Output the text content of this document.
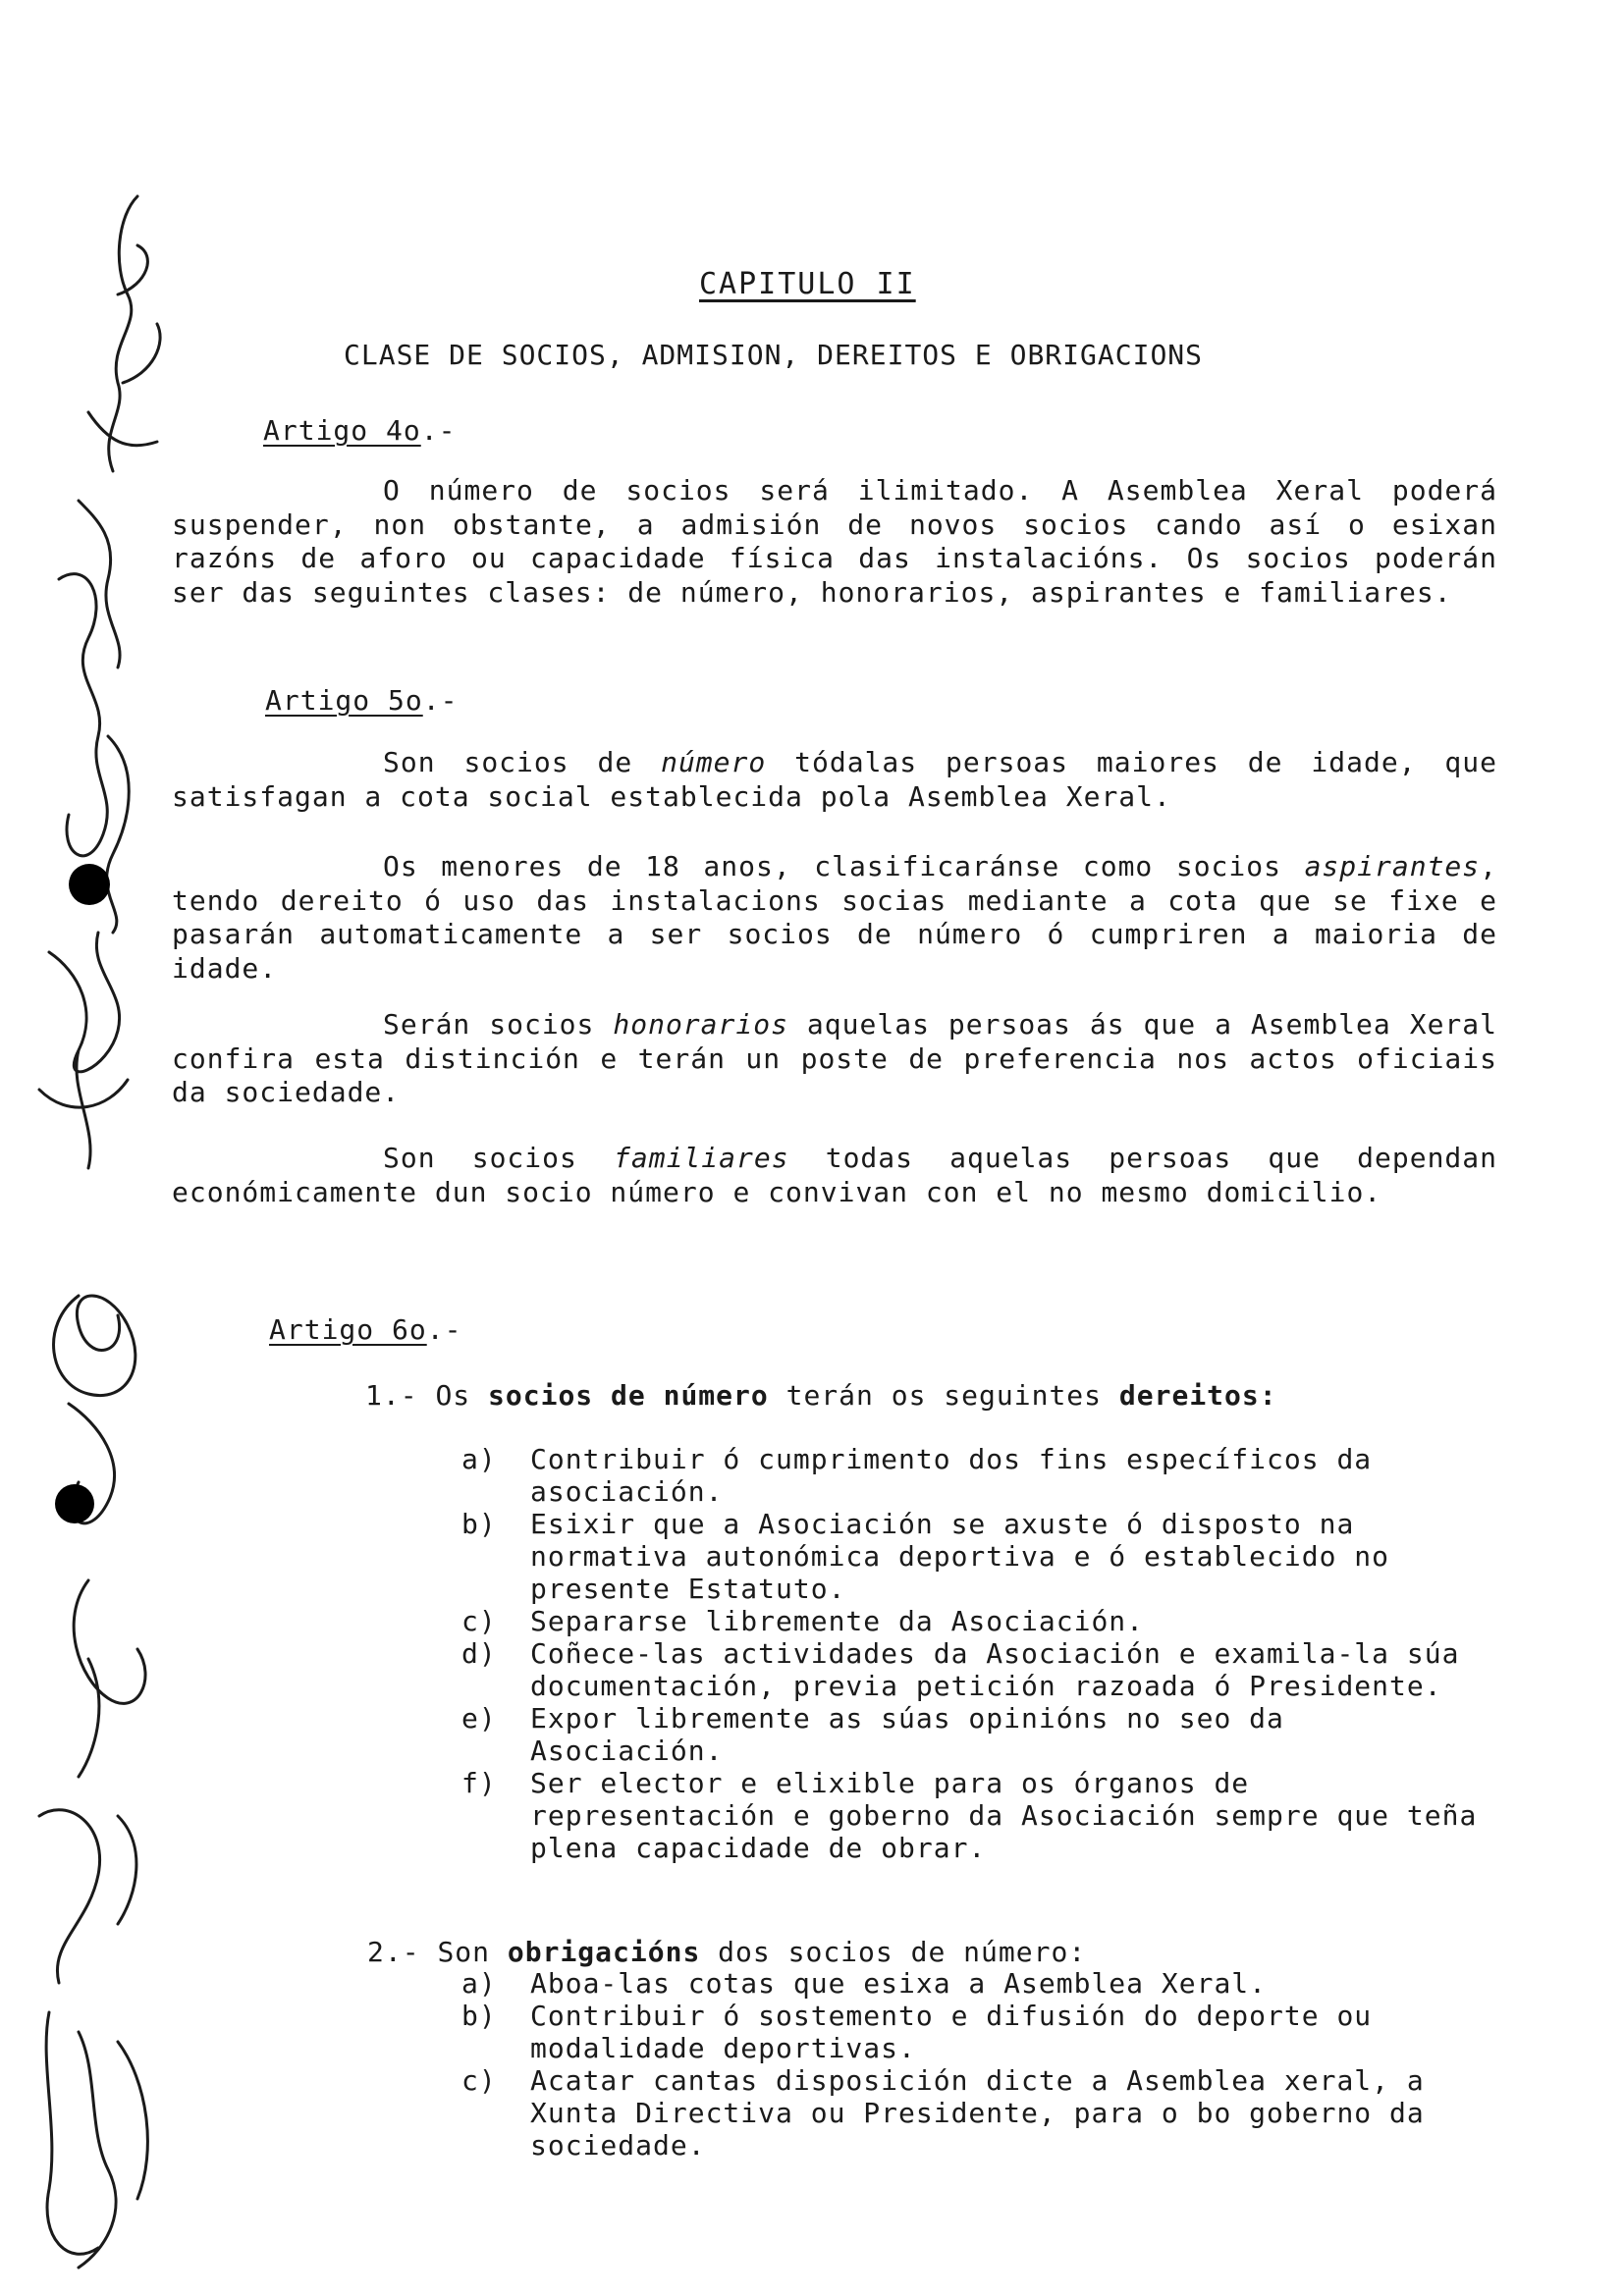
CAPITULO II
CLASE DE SOCIOS, ADMISION, DEREITOS E OBRIGACIONS
Artigo 4o.-
O número de socios será ilimitado. A Asemblea Xeral poderá suspender, non obstante, a admisión de novos socios cando así o esixan razóns de aforo ou capacidade física das instalacións. Os socios poderán ser das seguintes clases: de número, honorarios, aspirantes e familiares.
Artigo 5o.-
Son socios de número tódalas persoas maiores de idade, que satisfagan a cota social establecida pola Asemblea Xeral.
Os menores de 18 anos, clasificaránse como socios aspirantes, tendo dereito ó uso das instalacions socias mediante a cota que se fixe e pasarán automaticamente a ser socios de número ó cumpriren a maioria de idade.
Serán socios honorarios aquelas persoas ás que a Asemblea Xeral confira esta distinción e terán un poste de preferencia nos actos oficiais da sociedade.
Son socios familiares todas aquelas persoas que dependan económicamente dun socio número e convivan con el no mesmo domicilio.
Artigo 6o.-
1.- Os socios de número terán os seguintes dereitos:
a) Contribuir ó cumprimento dos fins específicos da asociación.
b) Esixir que a Asociación se axuste ó disposto na normativa autonómica deportiva e ó establecido no presente Estatuto.
c) Separarse libremente da Asociación.
d) Coñece-las actividades da Asociación e examila-la súa documentación, previa petición razoada ó Presidente.
e) Expor libremente as súas opinións no seo da Asociación.
f) Ser elector e elixible para os órganos de representación e goberno da Asociación sempre que teña plena capacidade de obrar.
2.- Son obrigacións dos socios de número:
a) Aboa-las cotas que esixa a Asemblea Xeral.
b) Contribuir ó sostemento e difusión do deporte ou modalidade deportivas.
c) Acatar cantas disposición dicte a Asemblea xeral, a Xunta Directiva ou Presidente, para o bo goberno da sociedade.
